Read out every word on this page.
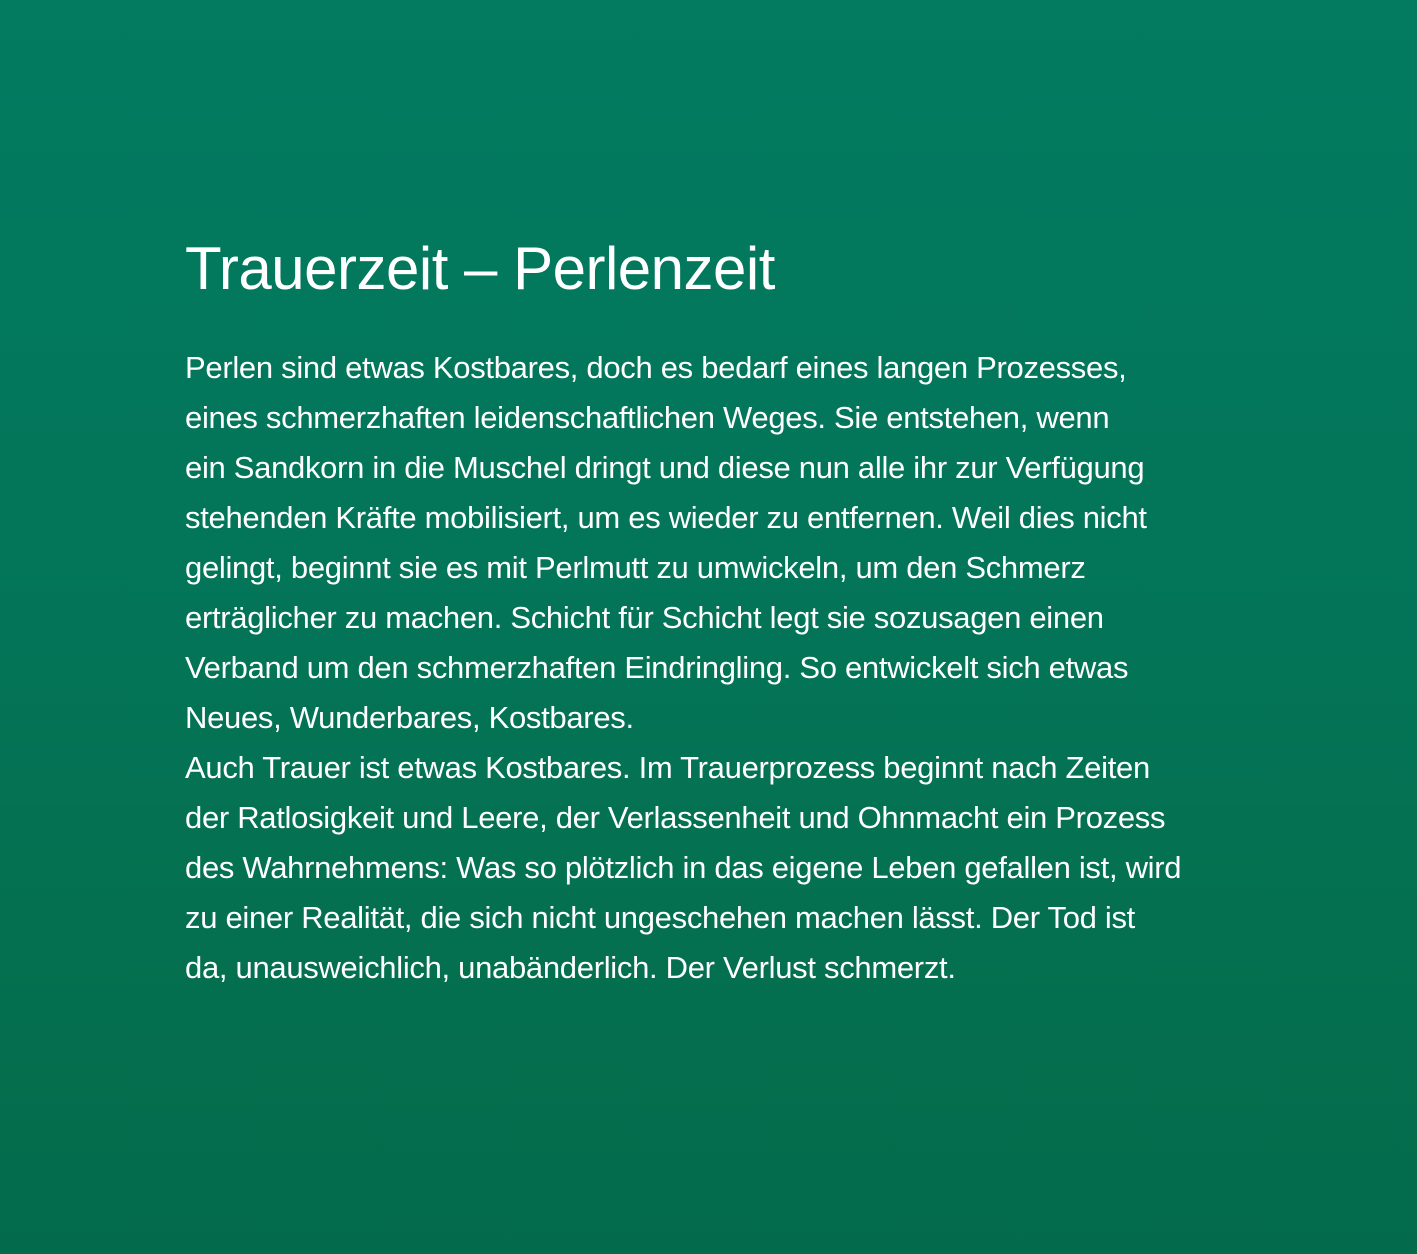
Trauerzeit – Perlenzeit
Perlen sind etwas Kostbares, doch es bedarf eines langen Prozesses,
eines schmerzhaften leidenschaftlichen Weges. Sie entstehen, wenn
ein Sandkorn in die Muschel dringt und diese nun alle ihr zur Verfügung
stehenden Kräfte mobilisiert, um es wieder zu entfernen. Weil dies nicht
gelingt, beginnt sie es mit Perlmutt zu umwickeln, um den Schmerz
erträglicher zu machen. Schicht für Schicht legt sie sozusagen einen
Verband um den schmerzhaften Eindringling. So entwickelt sich etwas
Neues, Wunderbares, Kostbares.
Auch Trauer ist etwas Kostbares. Im Trauerprozess beginnt nach Zeiten
der Ratlosigkeit und Leere, der Verlassenheit und Ohnmacht ein Prozess
des Wahrnehmens: Was so plötzlich in das eigene Leben gefallen ist, wird
zu einer Realität, die sich nicht ungeschehen machen lässt. Der Tod ist
da, unausweichlich, unabänderlich. Der Verlust schmerzt.
